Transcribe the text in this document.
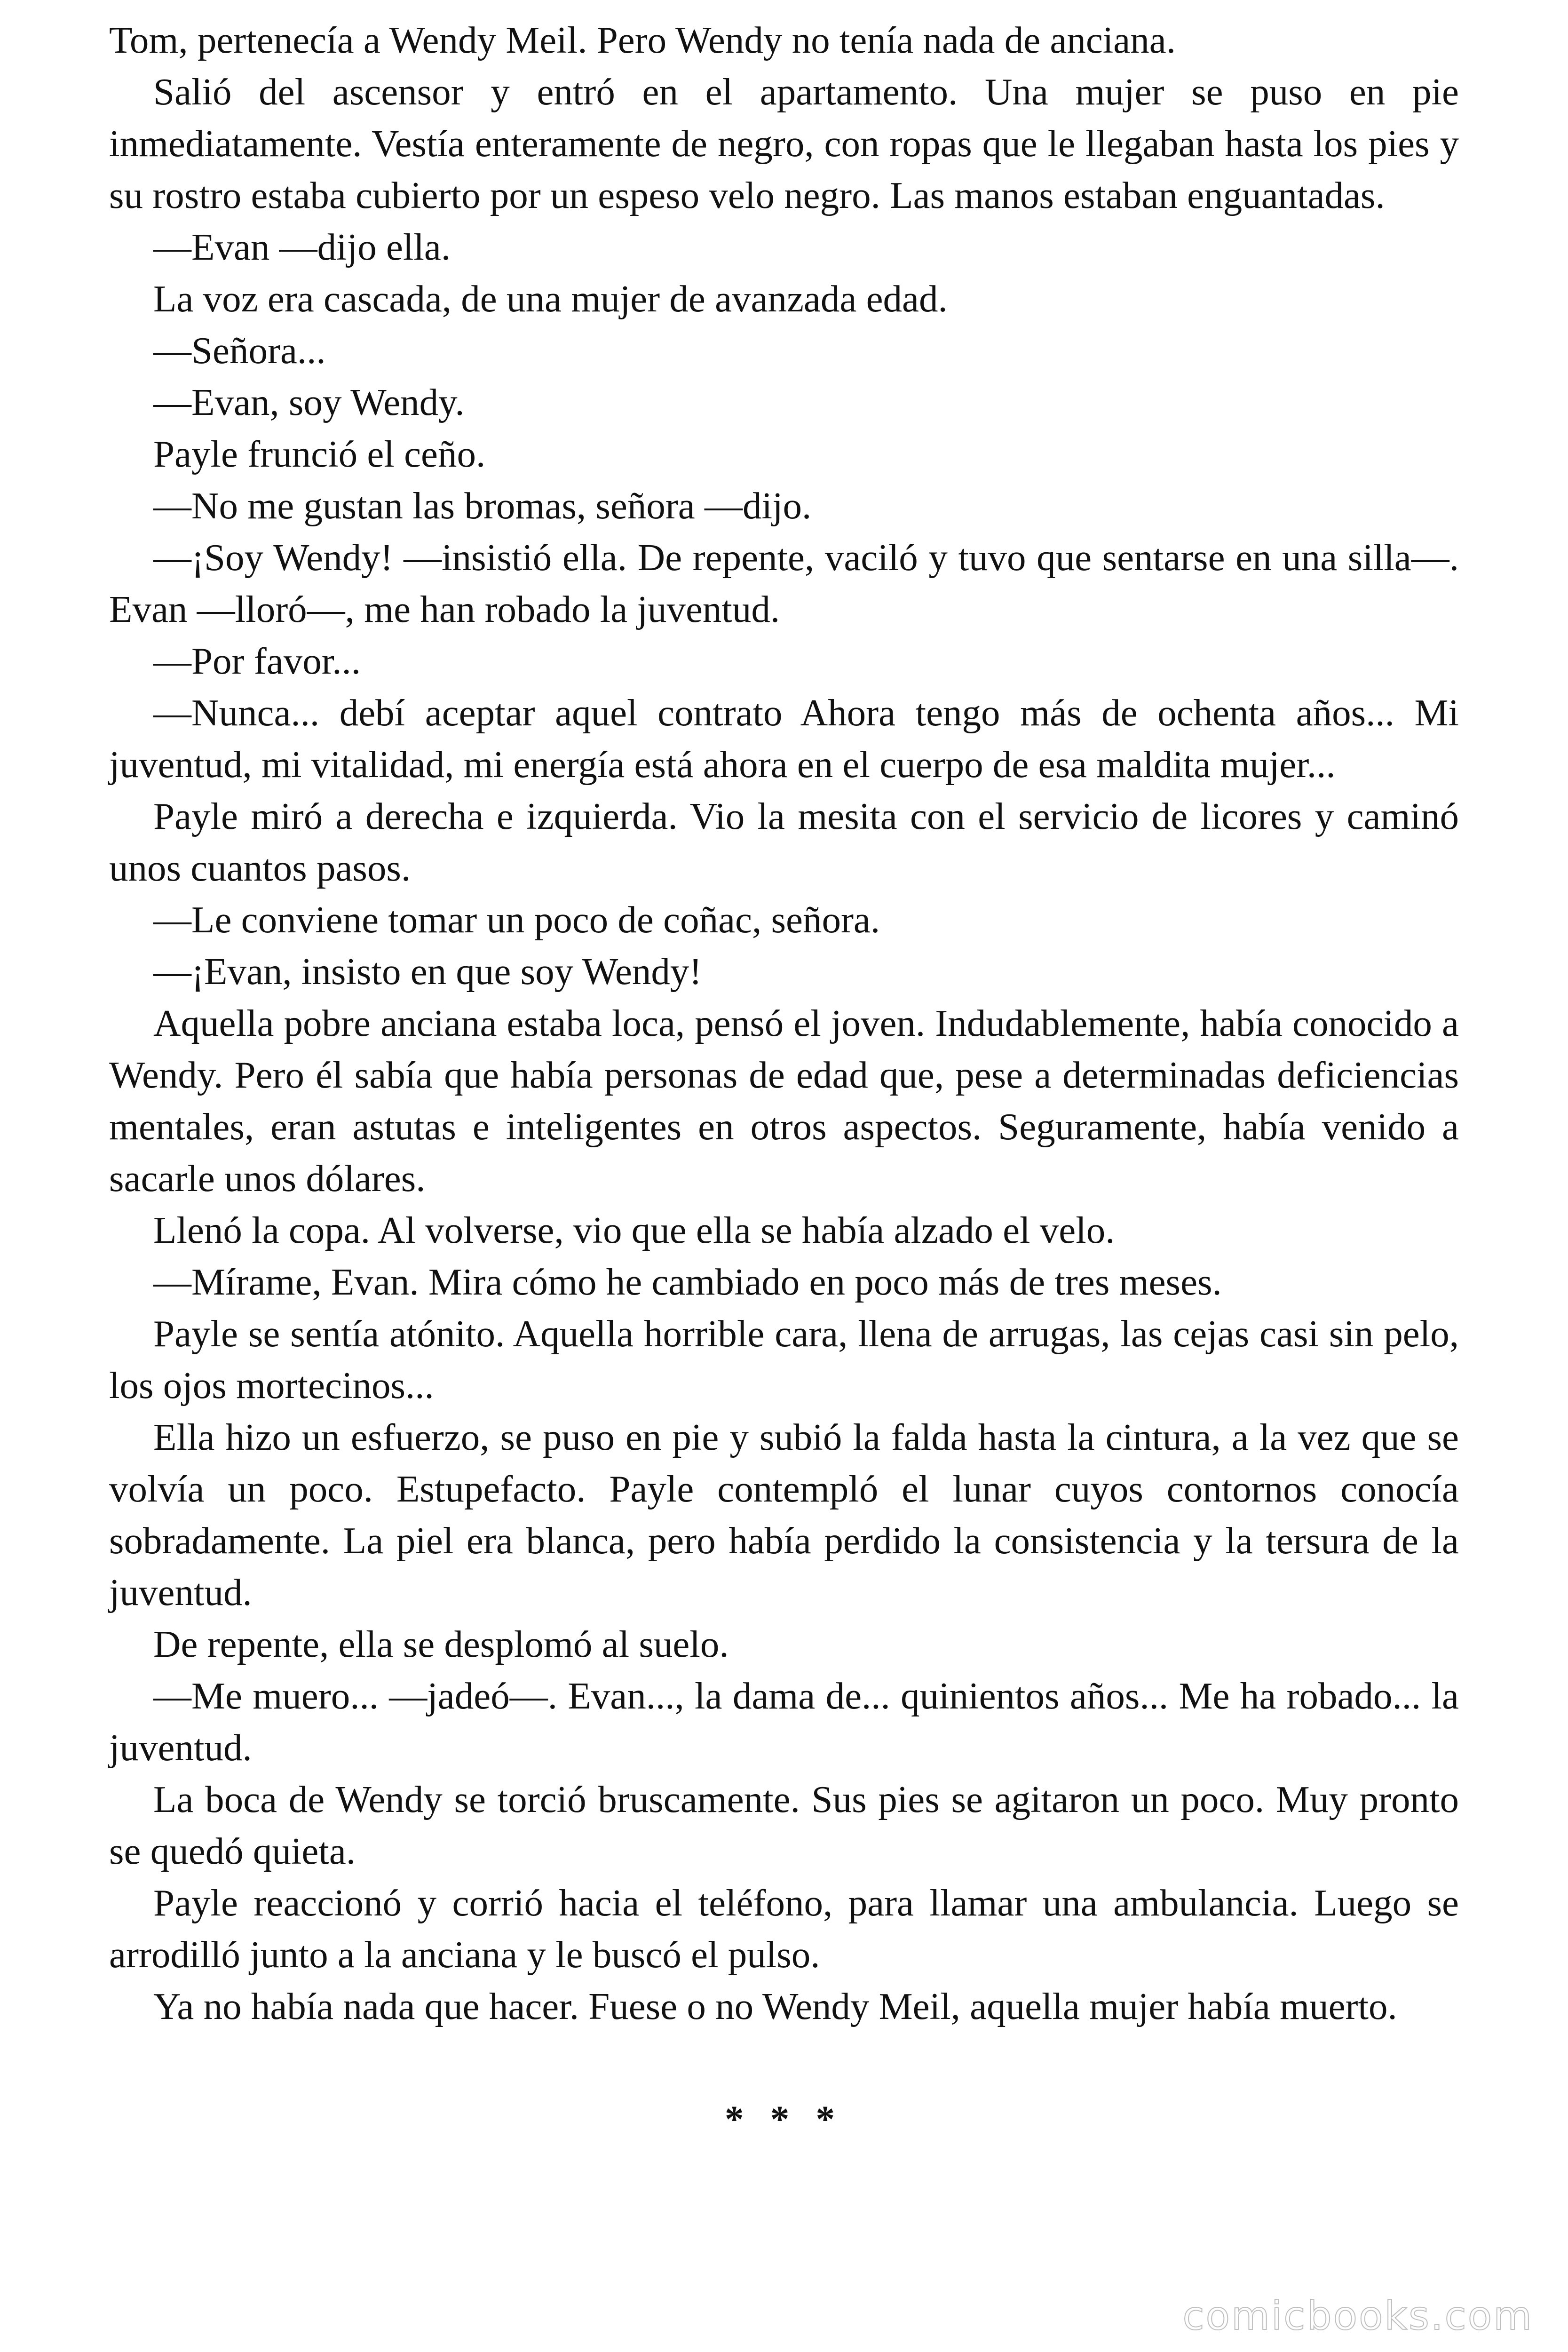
Tom, pertenecía a Wendy Meil. Pero Wendy no tenía nada de anciana.

Salió del ascensor y entró en el apartamento. Una mujer se puso en pie inmediatamente. Vestía enteramente de negro, con ropas que le llegaban hasta los pies y su rostro estaba cubierto por un espeso velo negro. Las manos estaban enguantadas.

—Evan —dijo ella.

La voz era cascada, de una mujer de avanzada edad.

—Señora...

—Evan, soy Wendy.

Payle frunció el ceño.

—No me gustan las bromas, señora —dijo.

—¡Soy Wendy! —insistió ella. De repente, vaciló y tuvo que sentarse en una silla—. Evan —lloró—, me han robado la juventud.

—Por favor...

—Nunca... debí aceptar aquel contrato Ahora tengo más de ochenta años... Mi juventud, mi vitalidad, mi energía está ahora en el cuerpo de esa maldita mujer...

Payle miró a derecha e izquierda. Vio la mesita con el servicio de licores y caminó unos cuantos pasos.

—Le conviene tomar un poco de coñac, señora.

—¡Evan, insisto en que soy Wendy!

Aquella pobre anciana estaba loca, pensó el joven. Indudablemente, había conocido a Wendy. Pero él sabía que había personas de edad que, pese a determinadas deficiencias mentales, eran astutas e inteligentes en otros aspectos. Seguramente, había venido a sacarle unos dólares.

Llenó la copa. Al volverse, vio que ella se había alzado el velo.

—Mírame, Evan. Mira cómo he cambiado en poco más de tres meses.

Payle se sentía atónito. Aquella horrible cara, llena de arrugas, las cejas casi sin pelo, los ojos mortecinos...

Ella hizo un esfuerzo, se puso en pie y subió la falda hasta la cintura, a la vez que se volvía un poco. Estupefacto. Payle contempló el lunar cuyos contornos conocía sobradamente. La piel era blanca, pero había perdido la consistencia y la tersura de la juventud.

De repente, ella se desplomó al suelo.

—Me muero... —jadeó—. Evan..., la dama de... quinientos años... Me ha robado... la juventud.

La boca de Wendy se torció bruscamente. Sus pies se agitaron un poco. Muy pronto se quedó quieta.

Payle reaccionó y corrió hacia el teléfono, para llamar una ambulancia. Luego se arrodilló junto a la anciana y le buscó el pulso.

Ya no había nada que hacer. Fuese o no Wendy Meil, aquella mujer había muerto.

* * *
comicbooks.com
